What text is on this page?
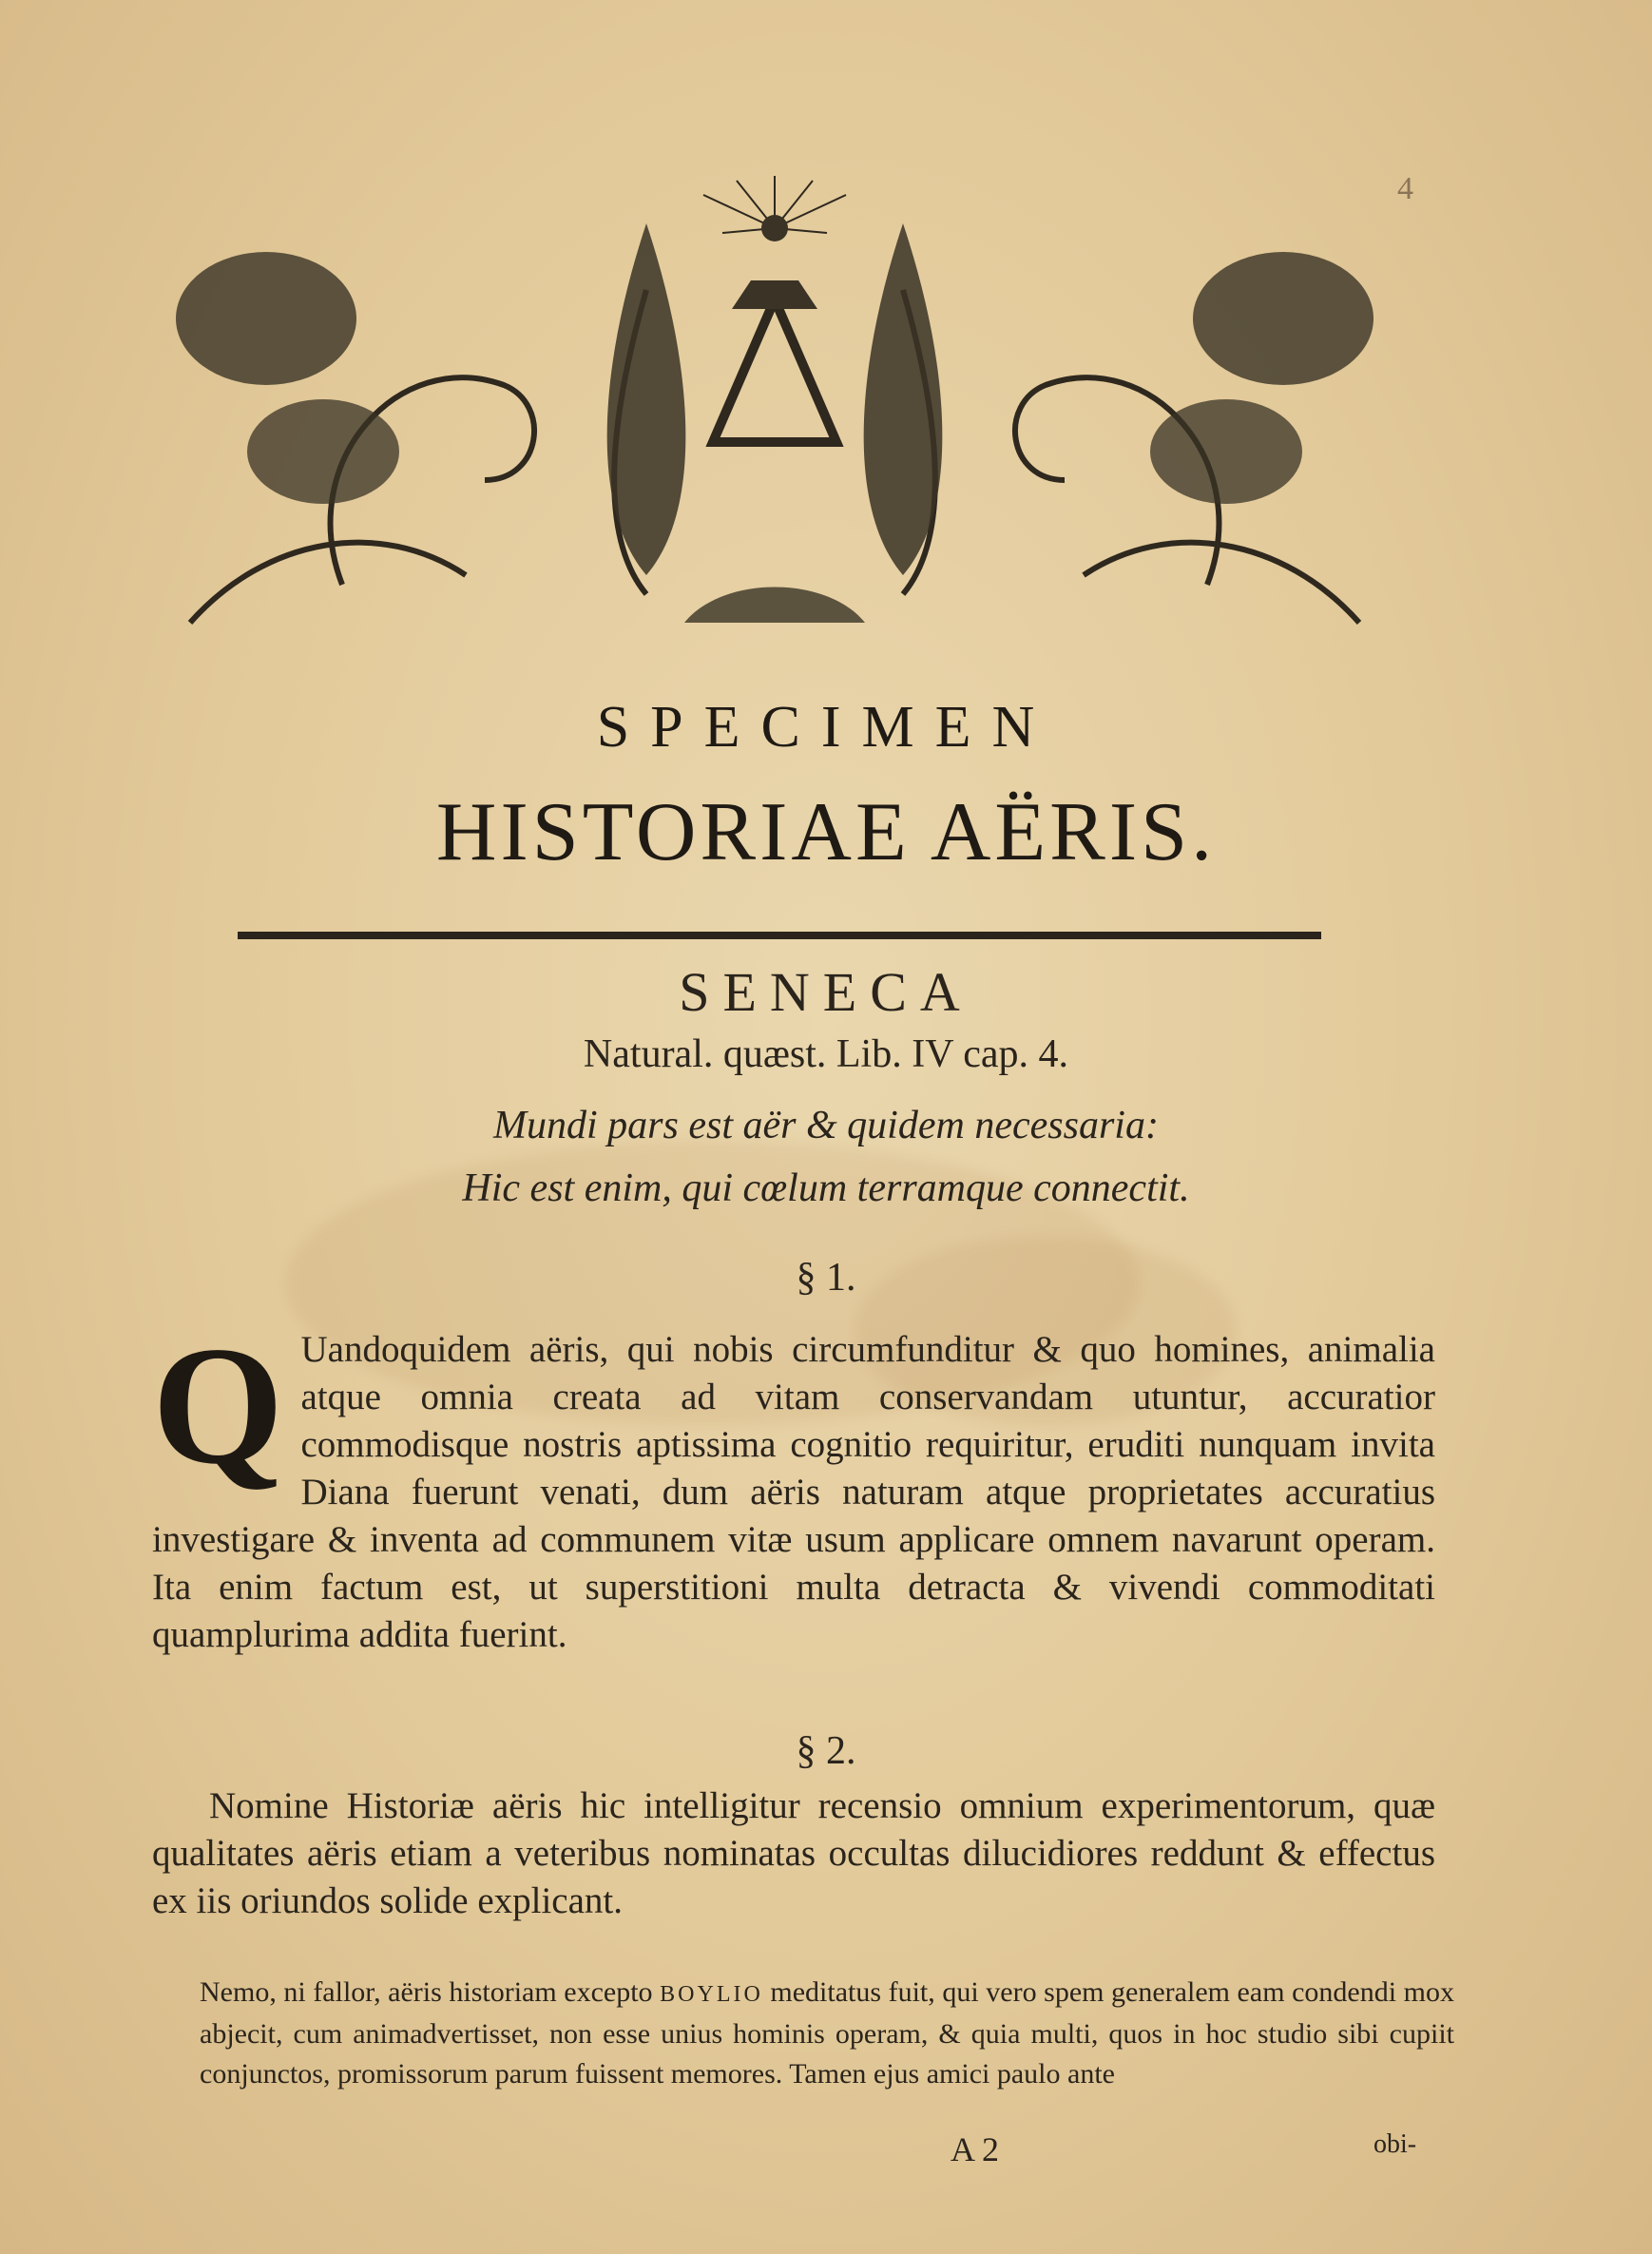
4
SPECIMEN
HISTORIAE AËRIS.
SENECA
Natural. quæst. Lib. IV cap. 4.
Mundi pars est aër & quidem necessaria:
Hic est enim, qui cœlum terramque connectit.
§ 1.
Q Uandoquidem aëris, qui nobis circumfunditur & quo homines, animalia atque omnia creata ad vitam conservandam utuntur, accuratior commodisque nostris aptissima cognitio requiritur, eruditi nunquam invita Diana fuerunt venati, dum aëris naturam atque proprietates accuratius investigare & inventa ad communem vitæ usum applicare omnem navarunt operam. Ita enim factum est, ut superstitioni multa detracta & vivendi commoditati quamplurima addita fuerint.
§ 2.
Nomine Historiæ aëris hic intelligitur recensio omnium experimentorum, quæ qualitates aëris etiam a veteribus nominatas occultas dilucidiores reddunt & effectus ex iis oriundos solide explicant.
Nemo, ni fallor, aëris historiam excepto BOYLIO meditatus fuit, qui vero spem generalem eam condendi mox abjecit, cum animadvertisset, non esse unius hominis operam, & quia multi, quos in hoc studio sibi cupiit conjunctos, promissorum parum fuissent memores. Tamen ejus amici paulo ante
A 2	obi-
